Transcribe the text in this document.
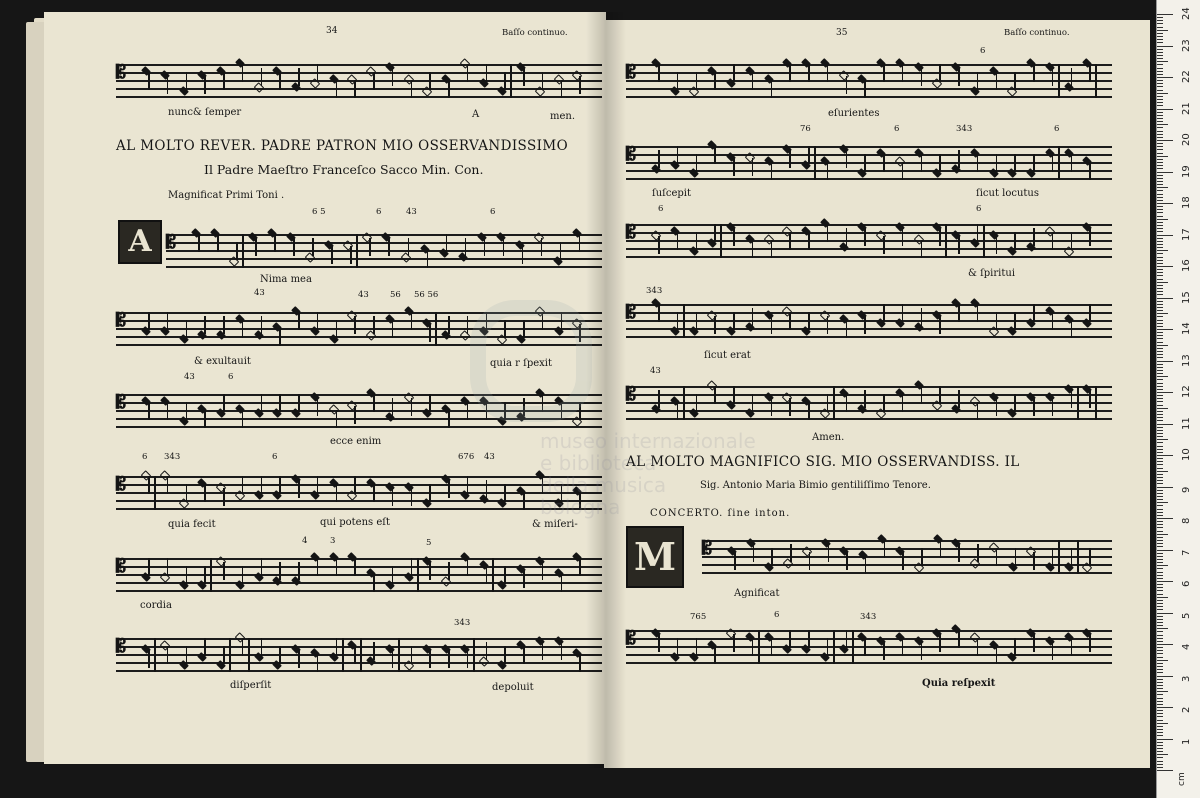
34	Baſſo continuo.
𝄡
nunc& ſemper	A	men.
AL MOLTO REVER. PADRE PATRON MIO OSSERVANDISSIMO
Il Padre Maeſtro Franceſco Sacco Min. Con.
Magnificat Primi Toni .
A
6 5	6	43	6
𝄡
Nima mea
43	43 56 56 56
𝄡
& exultauit	quia r ſpexit
43	6
𝄡
ecce enim
6 343	6	676 43
𝄡
quia fecit	qui potens eſt	& miſeri-
4	3	5
𝄡
cordia
343
𝄡
diſperſit	depoluit
35	Baſſo continuo.
6
𝄡
eſurientes
76	6	343	6
𝄡
ſuſcepit	ſicut locutus
6	6
𝄡
& ſpiritui
343
𝄡
ſicut erat
43
𝄡
Amen.
AL MOLTO MAGNIFICO SIG. MIO OSSERVANDISS. IL
Sig. Antonio Maria Bimio gentiliſſimo Tenore.
CONCERTO. ſine inton.
M	𝄡
Agnificat
765	6	343
𝄡
Quia reſpexit
cm
1
2
3
4
5
6
7
8
9
10
11
12
13
14
15
16
17
18
19
20
21
22
23
24
